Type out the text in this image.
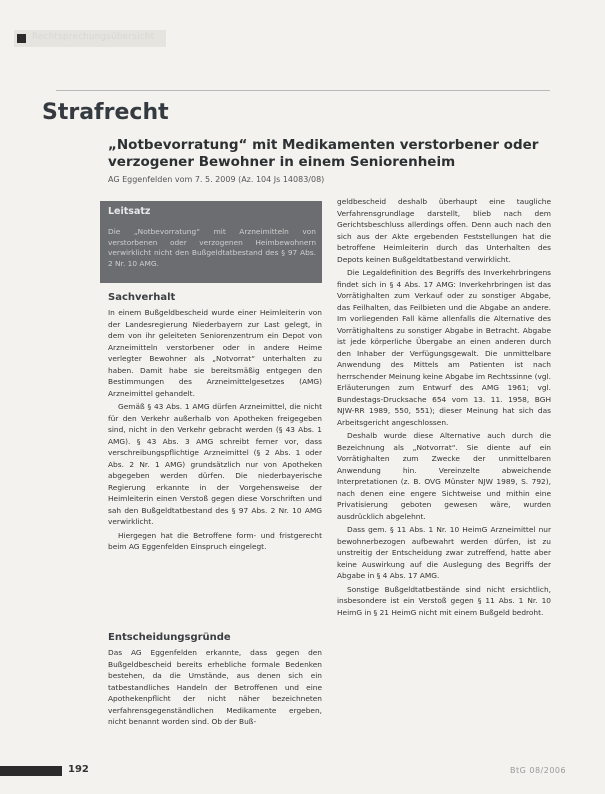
Rechtsprechungsübersicht
Strafrecht
„Notbevorratung“ mit Medikamenten verstorbener oder verzogener Bewohner in einem Seniorenheim
AG Eggenfelden vom 7. 5. 2009 (Az. 104 Js 14083/08)
Leitsatz
Die „Notbevorratung“ mit Arzneimitteln von verstorbenen oder verzogenen Heimbewohnern verwirklicht nicht den Bußgeldtatbestand des § 97 Abs. 2 Nr. 10 AMG.
Sachverhalt

In einem Bußgeldbescheid wurde einer Heimleiterin von der Landesregierung Niederbayern zur Last gelegt, in dem von ihr geleiteten Seniorenzentrum ein Depot von Arzneimitteln verstorbener oder in andere Heime verlegter Bewohner als „Notvorrat“ unterhalten zu haben. Damit habe sie bereitsmäßig entgegen den Bestimmungen des Arzneimittelgesetzes (AMG) Arzneimittel gehandelt.

Gemäß § 43 Abs. 1 AMG dürfen Arzneimittel, die nicht für den Verkehr außerhalb von Apotheken freigegeben sind, nicht in den Verkehr gebracht werden (§ 43 Abs. 1 AMG). § 43 Abs. 3 AMG schreibt ferner vor, dass verschreibungspflichtige Arzneimittel (§ 2 Abs. 1 oder Abs. 2 Nr. 1 AMG) grundsätzlich nur von Apotheken abgegeben werden dürfen. Die niederbayerische Regierung erkannte in der Vorgehensweise der Heimleiterin einen Verstoß gegen diese Vorschriften und sah den Bußgeldtatbestand des § 97 Abs. 2 Nr. 10 AMG verwirklicht.

Hiergegen hat die Betroffene form- und fristgerecht beim AG Eggenfelden Einspruch eingelegt.

Entscheidungsgründe

Das AG Eggenfelden erkannte, dass gegen den Bußgeldbescheid bereits erhebliche formale Bedenken bestehen, da die Umstände, aus denen sich ein tatbestandliches Handeln der Betroffenen und eine Apothekenpflicht der nicht näher bezeichneten verfahrensgegenständlichen Medikamente ergeben, nicht benannt worden sind. Ob der Buß-

geldbescheid deshalb überhaupt eine taugliche Verfahrensgrundlage darstellt, blieb nach dem Gerichtsbeschluss allerdings offen. Denn auch nach den sich aus der Akte ergebenden Feststellungen hat die betroffene Heimleiterin durch das Unterhalten des Depots keinen Bußgeldtatbestand verwirklicht.

Die Legaldefinition des Begriffs des Inverkehrbringens findet sich in § 4 Abs. 17 AMG: Inverkehrbringen ist das Vorrätighalten zum Verkauf oder zu sonstiger Abgabe, das Feilhalten, das Feilbieten und die Abgabe an andere. Im vorliegenden Fall käme allenfalls die Alternative des Vorrätighaltens zu sonstiger Abgabe in Betracht. Abgabe ist jede körperliche Übergabe an einen anderen durch den Inhaber der Verfügungsgewalt. Die unmittelbare Anwendung des Mittels am Patienten ist nach herrschender Meinung keine Abgabe im Rechtssinne (vgl. Erläuterungen zum Entwurf des AMG 1961; vgl. Bundestags-Drucksache 654 vom 13. 11. 1958, BGH NJW-RR 1989, 550, 551); dieser Meinung hat sich das Arbeitsgericht angeschlossen.

Deshalb wurde diese Alternative auch durch die Bezeichnung als „Notvorrat“. Sie diente auf ein Vorrätighalten zum Zwecke der unmittelbaren Anwendung hin. Vereinzelte abweichende Interpretationen (z. B. OVG Münster NJW 1989, S. 792), nach denen eine engere Sichtweise und mithin eine Privatisierung geboten gewesen wäre, wurden ausdrücklich abgelehnt.

Dass gem. § 11 Abs. 1 Nr. 10 HeimG Arzneimittel nur bewohnerbezogen aufbewahrt werden dürfen, ist zu unstreitig der Entscheidung zwar zutreffend, hatte aber keine Auswirkung auf die Auslegung des Begriffs der Abgabe in § 4 Abs. 17 AMG.

Sonstige Bußgeldtatbestände sind nicht ersichtlich, insbesondere ist ein Verstoß gegen § 11 Abs. 1 Nr. 10 HeimG in § 21 HeimG nicht mit einem Bußgeld bedroht.

192	BtG 08/2006
